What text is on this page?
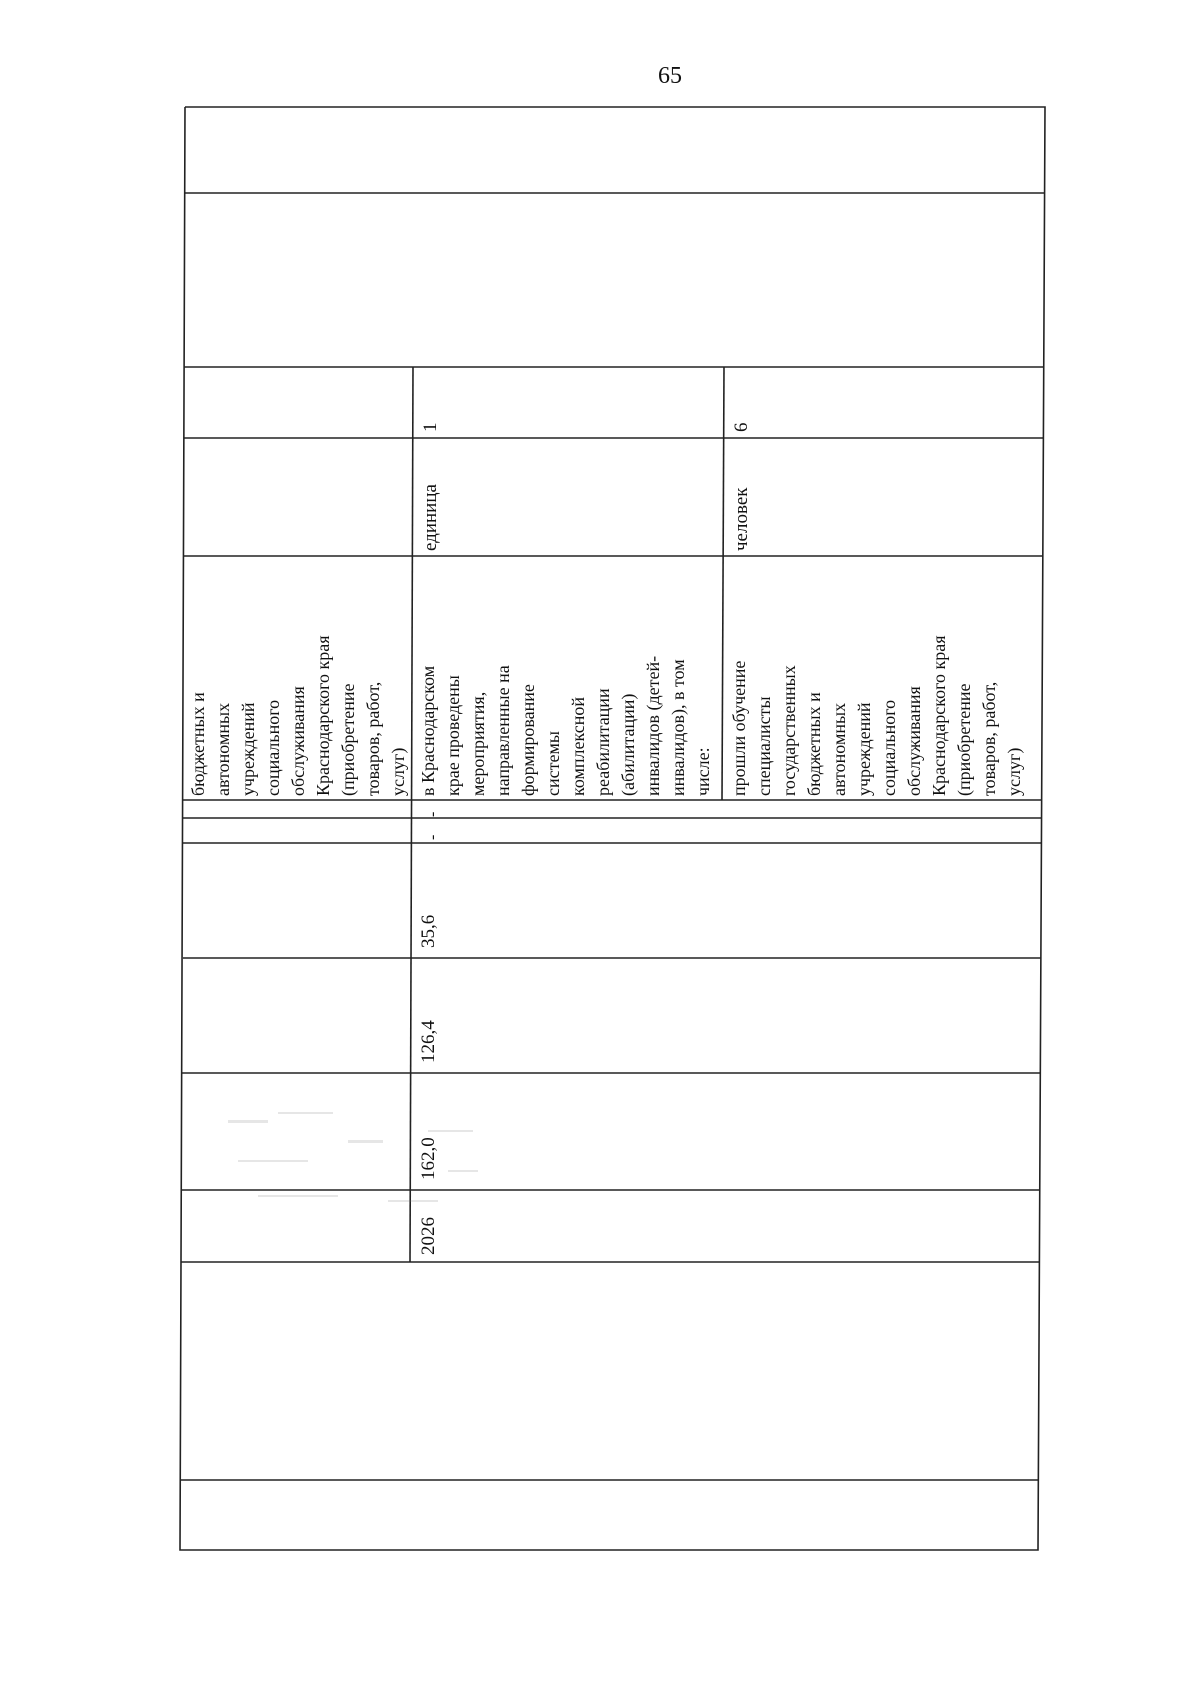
65
бюджетных и
автономных
учреждений
социального
обслуживания
Краснодарского края
(приобретение
товаров, работ,
услуг)
2026
162,0
126,4
35,6
-
-
в Краснодарском
крае проведены
мероприятия,
направленные на
формирование
системы
комплексной
реабилитации
(абилитации)
инвалидов (детей-
инвалидов), в том
числе:
единица
1
прошли обучение
специалисты
государственных
бюджетных и
автономных
учреждений
социального
обслуживания
Краснодарского края
(приобретение
товаров, работ,
услуг)
человек
6
